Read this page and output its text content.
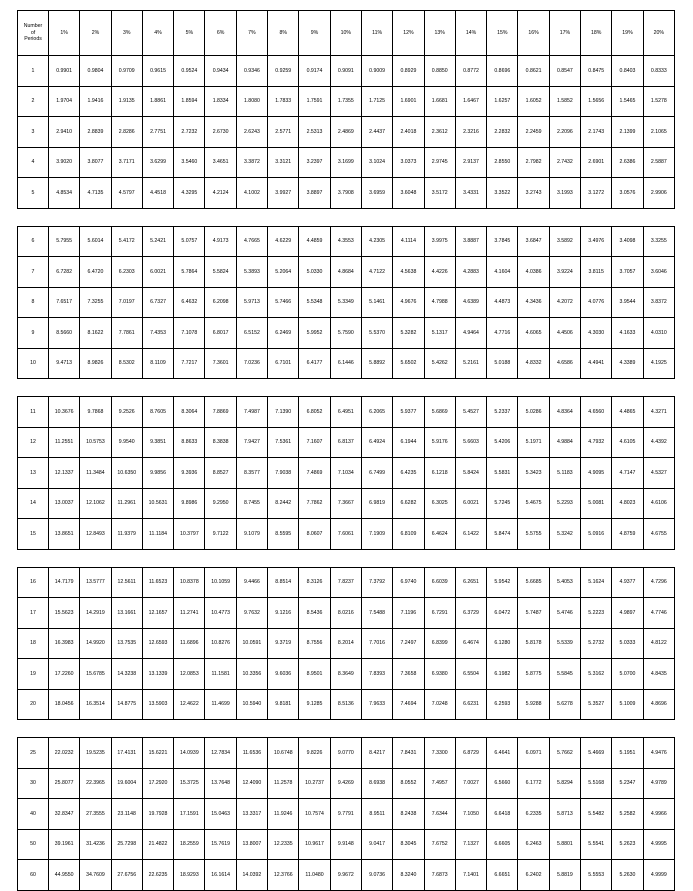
Number
of
Periods	1%	2%	3%	4%	5%	6%	7%	8%	9%	10%	11%	12%	13%	14%	15%	16%	17%	18%	19%	20%
1	0.9901	0.9804	0.9709	0.9615	0.9524	0.9434	0.9346	0.9259	0.9174	0.9091	0.9009	0.8929	0.8850	0.8772	0.8696	0.8621	0.8547	0.8475	0.8403	0.8333
2	1.9704	1.9416	1.9135	1.8861	1.8594	1.8334	1.8080	1.7833	1.7591	1.7355	1.7125	1.6901	1.6681	1.6467	1.6257	1.6052	1.5852	1.5656	1.5465	1.5278
3	2.9410	2.8839	2.8286	2.7751	2.7232	2.6730	2.6243	2.5771	2.5313	2.4869	2.4437	2.4018	2.3612	2.3216	2.2832	2.2459	2.2096	2.1743	2.1399	2.1065
4	3.9020	3.8077	3.7171	3.6299	3.5460	3.4651	3.3872	3.3121	3.2397	3.1699	3.1024	3.0373	2.9745	2.9137	2.8550	2.7982	2.7432	2.6901	2.6386	2.5887
5	4.8534	4.7135	4.5797	4.4518	4.3295	4.2124	4.1002	3.9927	3.8897	3.7908	3.6959	3.6048	3.5172	3.4331	3.3522	3.2743	3.1993	3.1272	3.0576	2.9906

6	5.7955	5.6014	5.4172	5.2421	5.0757	4.9173	4.7665	4.6229	4.4859	4.3553	4.2305	4.1114	3.9975	3.8887	3.7845	3.6847	3.5892	3.4976	3.4098	3.3255
7	6.7282	6.4720	6.2303	6.0021	5.7864	5.5824	5.3893	5.2064	5.0330	4.8684	4.7122	4.5638	4.4226	4.2883	4.1604	4.0386	3.9224	3.8115	3.7057	3.6046
8	7.6517	7.3255	7.0197	6.7327	6.4632	6.2098	5.9713	5.7466	5.5348	5.3349	5.1461	4.9676	4.7988	4.6389	4.4873	4.3436	4.2072	4.0776	3.9544	3.8372
9	8.5660	8.1622	7.7861	7.4353	7.1078	6.8017	6.5152	6.2469	5.9952	5.7590	5.5370	5.3282	5.1317	4.9464	4.7716	4.6065	4.4506	4.3030	4.1633	4.0310
10	9.4713	8.9826	8.5302	8.1109	7.7217	7.3601	7.0236	6.7101	6.4177	6.1446	5.8892	5.6502	5.4262	5.2161	5.0188	4.8332	4.6586	4.4941	4.3389	4.1925

11	10.3676	9.7868	9.2526	8.7605	8.3064	7.8869	7.4987	7.1390	6.8052	6.4951	6.2065	5.9377	5.6869	5.4527	5.2337	5.0286	4.8364	4.6560	4.4865	4.3271
12	11.2551	10.5753	9.9540	9.3851	8.8633	8.3838	7.9427	7.5361	7.1607	6.8137	6.4924	6.1944	5.9176	5.6603	5.4206	5.1971	4.9884	4.7932	4.6105	4.4392
13	12.1337	11.3484	10.6350	9.9856	9.3936	8.8527	8.3577	7.9038	7.4869	7.1034	6.7499	6.4235	6.1218	5.8424	5.5831	5.3423	5.1183	4.9095	4.7147	4.5327
14	13.0037	12.1062	11.2961	10.5631	9.8986	9.2950	8.7455	8.2442	7.7862	7.3667	6.9819	6.6282	6.3025	6.0021	5.7245	5.4675	5.2293	5.0081	4.8023	4.6106
15	13.8651	12.8493	11.9379	11.1184	10.3797	9.7122	9.1079	8.5595	8.0607	7.6061	7.1909	6.8109	6.4624	6.1422	5.8474	5.5755	5.3242	5.0916	4.8759	4.6755

16	14.7179	13.5777	12.5611	11.6523	10.8378	10.1059	9.4466	8.8514	8.3126	7.8237	7.3792	6.9740	6.6039	6.2651	5.9542	5.6685	5.4053	5.1624	4.9377	4.7296
17	15.5623	14.2919	13.1661	12.1657	11.2741	10.4773	9.7632	9.1216	8.5436	8.0216	7.5488	7.1196	6.7291	6.3729	6.0472	5.7487	5.4746	5.2223	4.9897	4.7746
18	16.3983	14.9920	13.7535	12.6593	11.6896	10.8276	10.0591	9.3719	8.7556	8.2014	7.7016	7.2497	6.8399	6.4674	6.1280	5.8178	5.5339	5.2732	5.0333	4.8122
19	17.2260	15.6785	14.3238	13.1339	12.0853	11.1581	10.3356	9.6036	8.9501	8.3649	7.8393	7.3658	6.9380	6.5504	6.1982	5.8775	5.5845	5.3162	5.0700	4.8435
20	18.0456	16.3514	14.8775	13.5903	12.4622	11.4699	10.5940	9.8181	9.1285	8.5136	7.9633	7.4694	7.0248	6.6231	6.2593	5.9288	5.6278	5.3527	5.1009	4.8696

25	22.0232	19.5235	17.4131	15.6221	14.0939	12.7834	11.6536	10.6748	9.8226	9.0770	8.4217	7.8431	7.3300	6.8729	6.4641	6.0971	5.7662	5.4669	5.1951	4.9476
30	25.8077	22.3965	19.6004	17.2920	15.3725	13.7648	12.4090	11.2578	10.2737	9.4269	8.6938	8.0552	7.4957	7.0027	6.5660	6.1772	5.8294	5.5168	5.2347	4.9789
40	32.8347	27.3555	23.1148	19.7928	17.1591	15.0463	13.3317	11.9246	10.7574	9.7791	8.9511	8.2438	7.6344	7.1050	6.6418	6.2335	5.8713	5.5482	5.2582	4.9966
50	39.1961	31.4236	25.7298	21.4822	18.2559	15.7619	13.8007	12.2335	10.9617	9.9148	9.0417	8.3045	7.6752	7.1327	6.6605	6.2463	5.8801	5.5541	5.2623	4.9995
60	44.9550	34.7609	27.6756	22.6235	18.9293	16.1614	14.0392	12.3766	11.0480	9.9672	9.0736	8.3240	7.6873	7.1401	6.6651	6.2402	5.8819	5.5553	5.2630	4.9999
